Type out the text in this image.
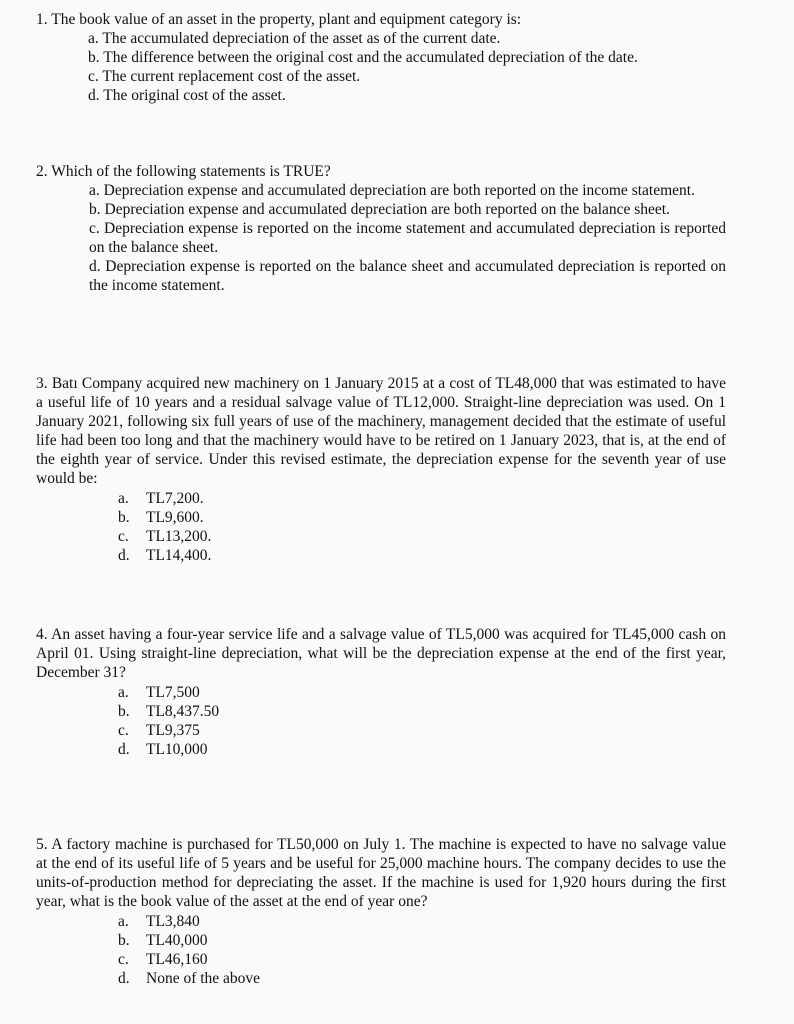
1. The book value of an asset in the property, plant and equipment category is:

a. The accumulated depreciation of the asset as of the current date.
b. The difference between the original cost and the accumulated depreciation of the date.
c. The current replacement cost of the asset.
d. The original cost of the asset.

2. Which of the following statements is TRUE?

a. Depreciation expense and accumulated depreciation are both reported on the income statement.
b. Depreciation expense and accumulated depreciation are both reported on the balance sheet.
c. Depreciation expense is reported on the income statement and accumulated depreciation is reported on the balance sheet.
d. Depreciation expense is reported on the balance sheet and accumulated depreciation is reported on the income statement.

3. Batı Company acquired new machinery on 1 January 2015 at a cost of TL48,000 that was estimated to have a useful life of 10 years and a residual salvage value of TL12,000. Straight-line depreciation was used. On 1 January 2021, following six full years of use of the machinery, management decided that the estimate of useful life had been too long and that the machinery would have to be retired on 1 January 2023, that is, at the end of the eighth year of service. Under this revised estimate, the depreciation expense for the seventh year of use would be:

a. TL7,200.
b. TL9,600.
c. TL13,200.
d. TL14,400.

4. An asset having a four-year service life and a salvage value of TL5,000 was acquired for TL45,000 cash on April 01. Using straight-line depreciation, what will be the depreciation expense at the end of the first year, December 31?

a. TL7,500
b. TL8,437.50
c. TL9,375
d. TL10,000

5. A factory machine is purchased for TL50,000 on July 1. The machine is expected to have no salvage value at the end of its useful life of 5 years and be useful for 25,000 machine hours. The company decides to use the units-of-production method for depreciating the asset. If the machine is used for 1,920 hours during the first year, what is the book value of the asset at the end of year one?

a. TL3,840
b. TL40,000
c. TL46,160
d. None of the above
